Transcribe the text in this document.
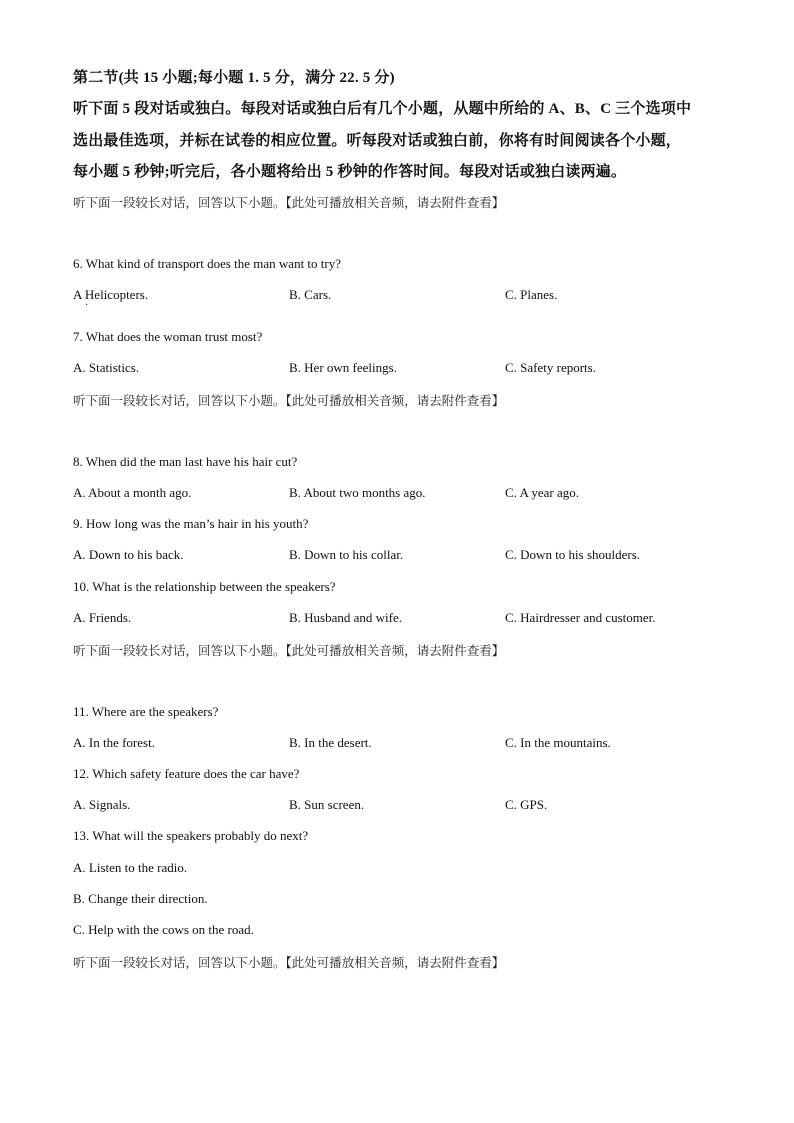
第二节(共 15 小题;每小题 1. 5 分，满分 22. 5 分)
听下面 5 段对话或独白。每段对话或独白后有几个小题，从题中所给的 A、B、C 三个选项中
选出最佳选项，并标在试卷的相应位置。听每段对话或独白前，你将有时间阅读各个小题，
每小题 5 秒钟;听完后，各小题将给出 5 秒钟的作答时间。每段对话或独白读两遍。
听下面一段较长对话，回答以下小题。【此处可播放相关音频，请去附件查看】
6. What kind of transport does the man want to try?
A Helicopters.
·
B. Cars.	C. Planes.
7. What does the woman trust most?
A. Statistics.	B. Her own feelings.	C. Safety reports.
听下面一段较长对话，回答以下小题。【此处可播放相关音频，请去附件查看】
8. When did the man last have his hair cut?
A. About a month ago.	B. About two months ago.	C. A year ago.
9. How long was the man’s hair in his youth?
A. Down to his back.	B. Down to his collar.	C. Down to his shoulders.
10. What is the relationship between the speakers?
A. Friends.	B. Husband and wife.	C. Hairdresser and customer.
听下面一段较长对话，回答以下小题。【此处可播放相关音频，请去附件查看】
11. Where are the speakers?
A. In the forest.	B. In the desert.	C. In the mountains.
12. Which safety feature does the car have?
A. Signals.	B. Sun screen.	C. GPS.
13. What will the speakers probably do next?
A. Listen to the radio.
B. Change their direction.
C. Help with the cows on the road.
听下面一段较长对话，回答以下小题。【此处可播放相关音频，请去附件查看】
